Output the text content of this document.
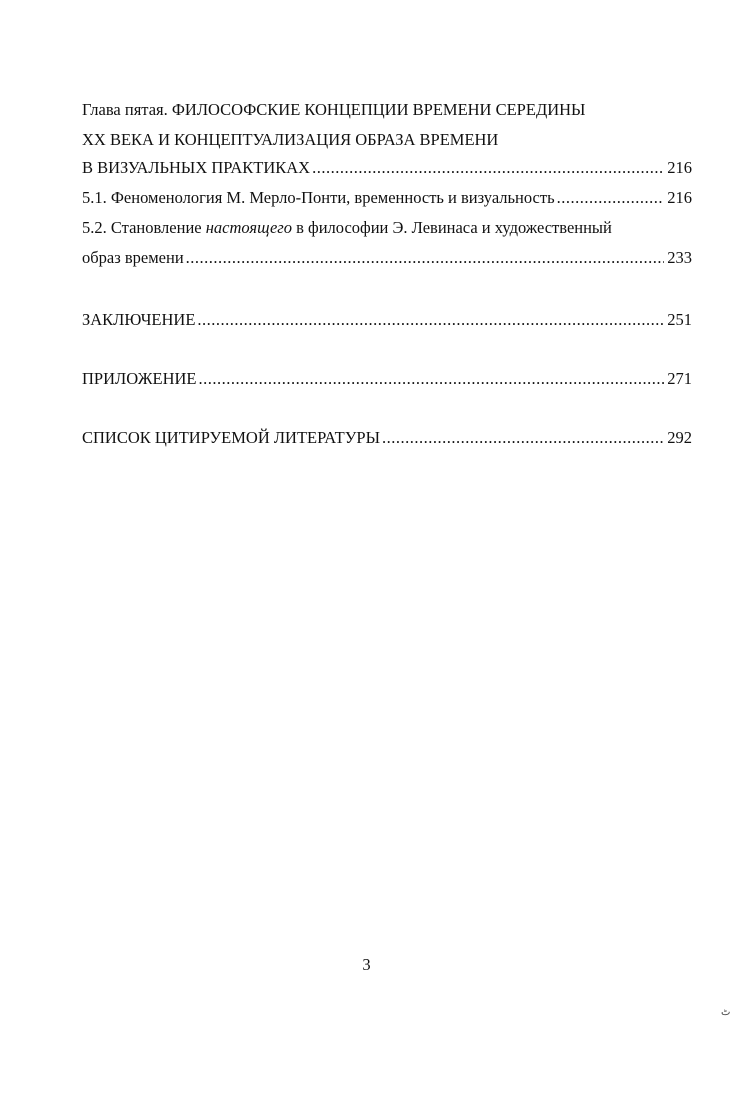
Глава пятая. ФИЛОСОФСКИЕ КОНЦЕПЦИИ ВРЕМЕНИ СЕРЕДИНЫ
XX ВЕКА И КОНЦЕПТУАЛИЗАЦИЯ ОБРАЗА ВРЕМЕНИ
В ВИЗУАЛЬНЫХ ПРАКТИКАХ .....	216
5.1. Феноменология М. Мерло-Понти, временность и визуальность .....	216
5.2. Становление настоящего в философии Э. Левинаса и художественный
образ времени .....	233
ЗАКЛЮЧЕНИЕ .....	251
ПРИЛОЖЕНИЕ .....	271
СПИСОК ЦИТИРУЕМОЙ ЛИТЕРАТУРЫ .....	292
3
ٹ
